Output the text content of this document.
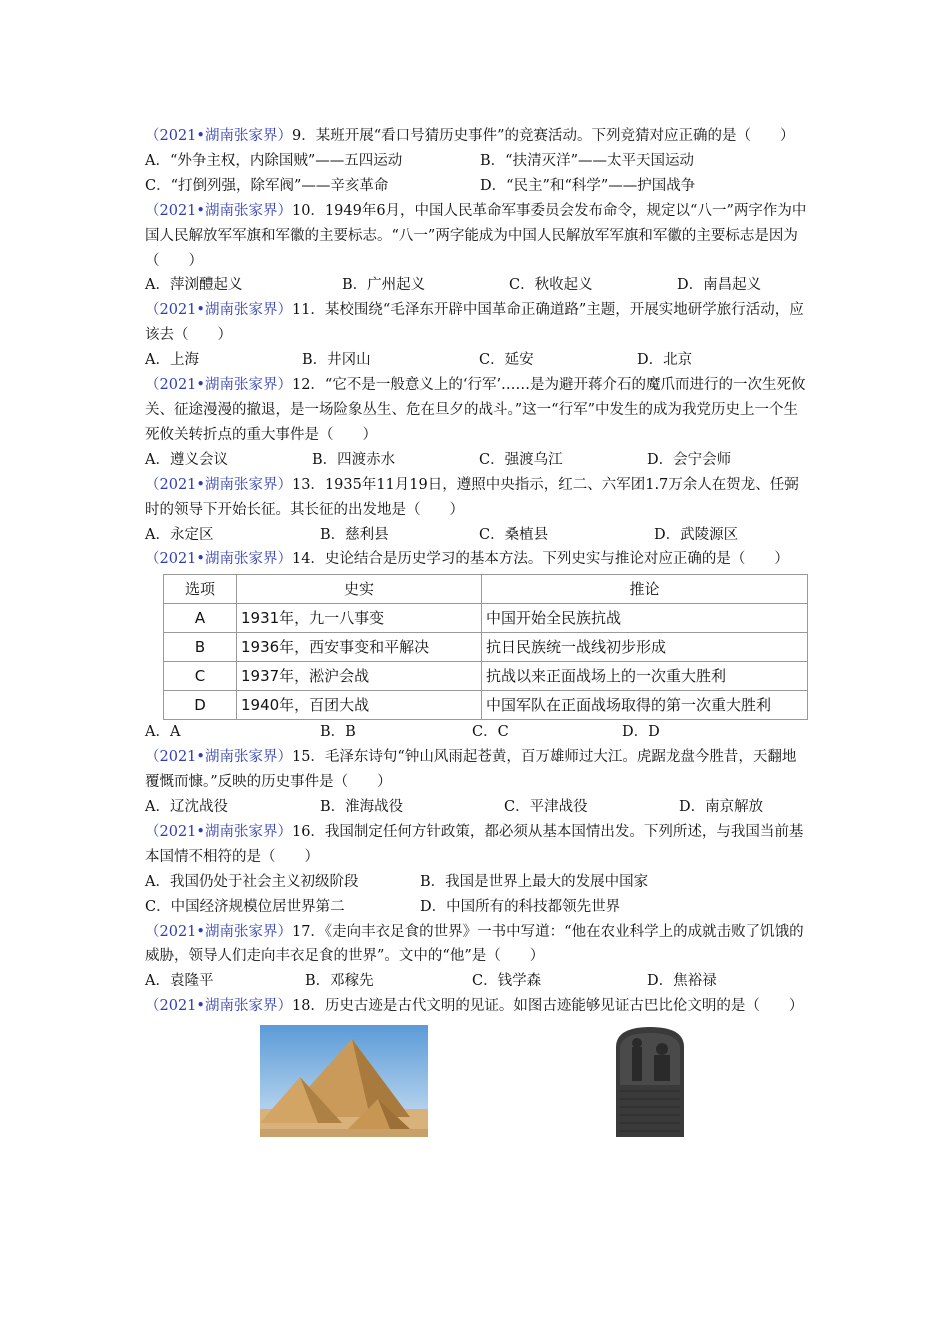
（2021•湖南张家界）9．某班开展“看口号猜历史事件”的竞赛活动。下列竞猜对应正确的是（　　）

A．“外争主权，内除国贼”——五四运动	B．“扶清灭洋”——太平天国运动
C．“打倒列强，除军阀”——辛亥革命	D．“民主”和“科学”——护国战争

（2021•湖南张家界）10．1949年6月，中国人民革命军事委员会发布命令，规定以“八一”两字作为中国人民解放军军旗和军徽的主要标志。“八一”两字能成为中国人民解放军军旗和军徽的主要标志是因为（　　）

A．萍浏醴起义	B．广州起义	C．秋收起义	D．南昌起义

（2021•湖南张家界）11．某校围绕“毛泽东开辟中国革命正确道路”主题，开展实地研学旅行活动，应该去（　　）

A．上海	B．井冈山	C．延安	D．北京

（2021•湖南张家界）12．“它不是一般意义上的‘行军’……是为避开蒋介石的魔爪而进行的一次生死攸关、征途漫漫的撤退，是一场险象丛生、危在旦夕的战斗。”这一“行军”中发生的成为我党历史上一个生死攸关转折点的重大事件是（　　）

A．遵义会议	B．四渡赤水	C．强渡乌江	D．会宁会师

（2021•湖南张家界）13．1935年11月19日，遵照中央指示，红二、六军团1.7万余人在贺龙、任弼时的领导下开始长征。其长征的出发地是（　　）

A．永定区	B．慈利县	C．桑植县	D．武陵源区

（2021•湖南张家界）14．史论结合是历史学习的基本方法。下列史实与推论对应正确的是（　　）

选项	史实	推论
A	1931年，九一八事变	中国开始全民族抗战
B	1936年，西安事变和平解决	抗日民族统一战线初步形成
C	1937年，淞沪会战	抗战以来正面战场上的一次重大胜利
D	1940年，百团大战	中国军队在正面战场取得的第一次重大胜利
A．A	B．B	C．C	D．D

（2021•湖南张家界）15．毛泽东诗句“钟山风雨起苍黄，百万雄师过大江。虎踞龙盘今胜昔，天翻地覆慨而慷。”反映的历史事件是（　　）

A．辽沈战役	B．淮海战役	C．平津战役	D．南京解放

（2021•湖南张家界）16．我国制定任何方针政策，都必须从基本国情出发。下列所述，与我国当前基本国情不相符的是（　　）

A．我国仍处于社会主义初级阶段	B．我国是世界上最大的发展中国家
C．中国经济规模位居世界第二	D．中国所有的科技都领先世界

（2021•湖南张家界）17．《走向丰衣足食的世界》一书中写道：“他在农业科学上的成就击败了饥饿的威胁，领导人们走向丰衣足食的世界”。文中的“他”是（　　）

A．袁隆平	B．邓稼先	C．钱学森	D．焦裕禄

（2021•湖南张家界）18．历史古迹是古代文明的见证。如图古迹能够见证古巴比伦文明的是（　　）
